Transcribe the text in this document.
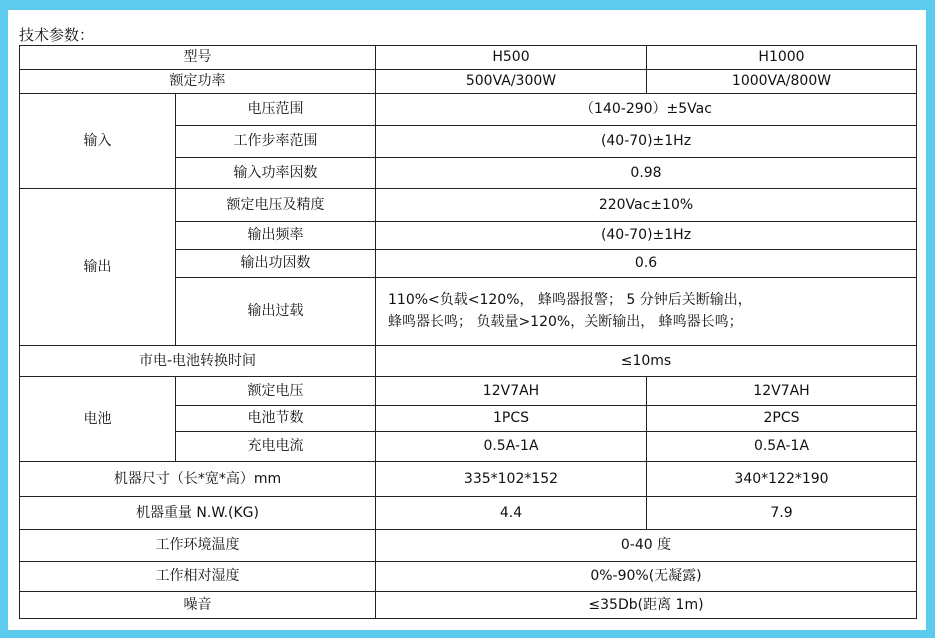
技术参数：
型号		H500	H1000
额定功率		500VA/300W	1000VA/800W
输入	电压范围	（140-290）±5Vac	
	工作步率范围	(40-70)±1Hz	
	输入功率因数	0.98	
输出	额定电压及精度	220Vac±10%	
	输出频率	(40-70)±1Hz	
	输出功因数	0.6	
	输出过载	110%<负载<120%， 蜂鸣器报警； 5 分钟后关断输出，
蜂鸣器长鸣； 负载量>120%，关断输出， 蜂鸣器长鸣；	

市电-电池转换时间		≤10ms	
电池	额定电压	12V7AH	12V7AH
	电池节数	1PCS	2PCS
	充电电流	0.5A-1A	0.5A-1A
机器尺寸（长*宽*高）mm		335*102*152	340*122*190
机器重量 N.W.(KG)		4.4	7.9
工作环境温度		0-40 度	
工作相对湿度		0%-90%(无凝露)	
噪音		≤35Db(距离 1m)	
